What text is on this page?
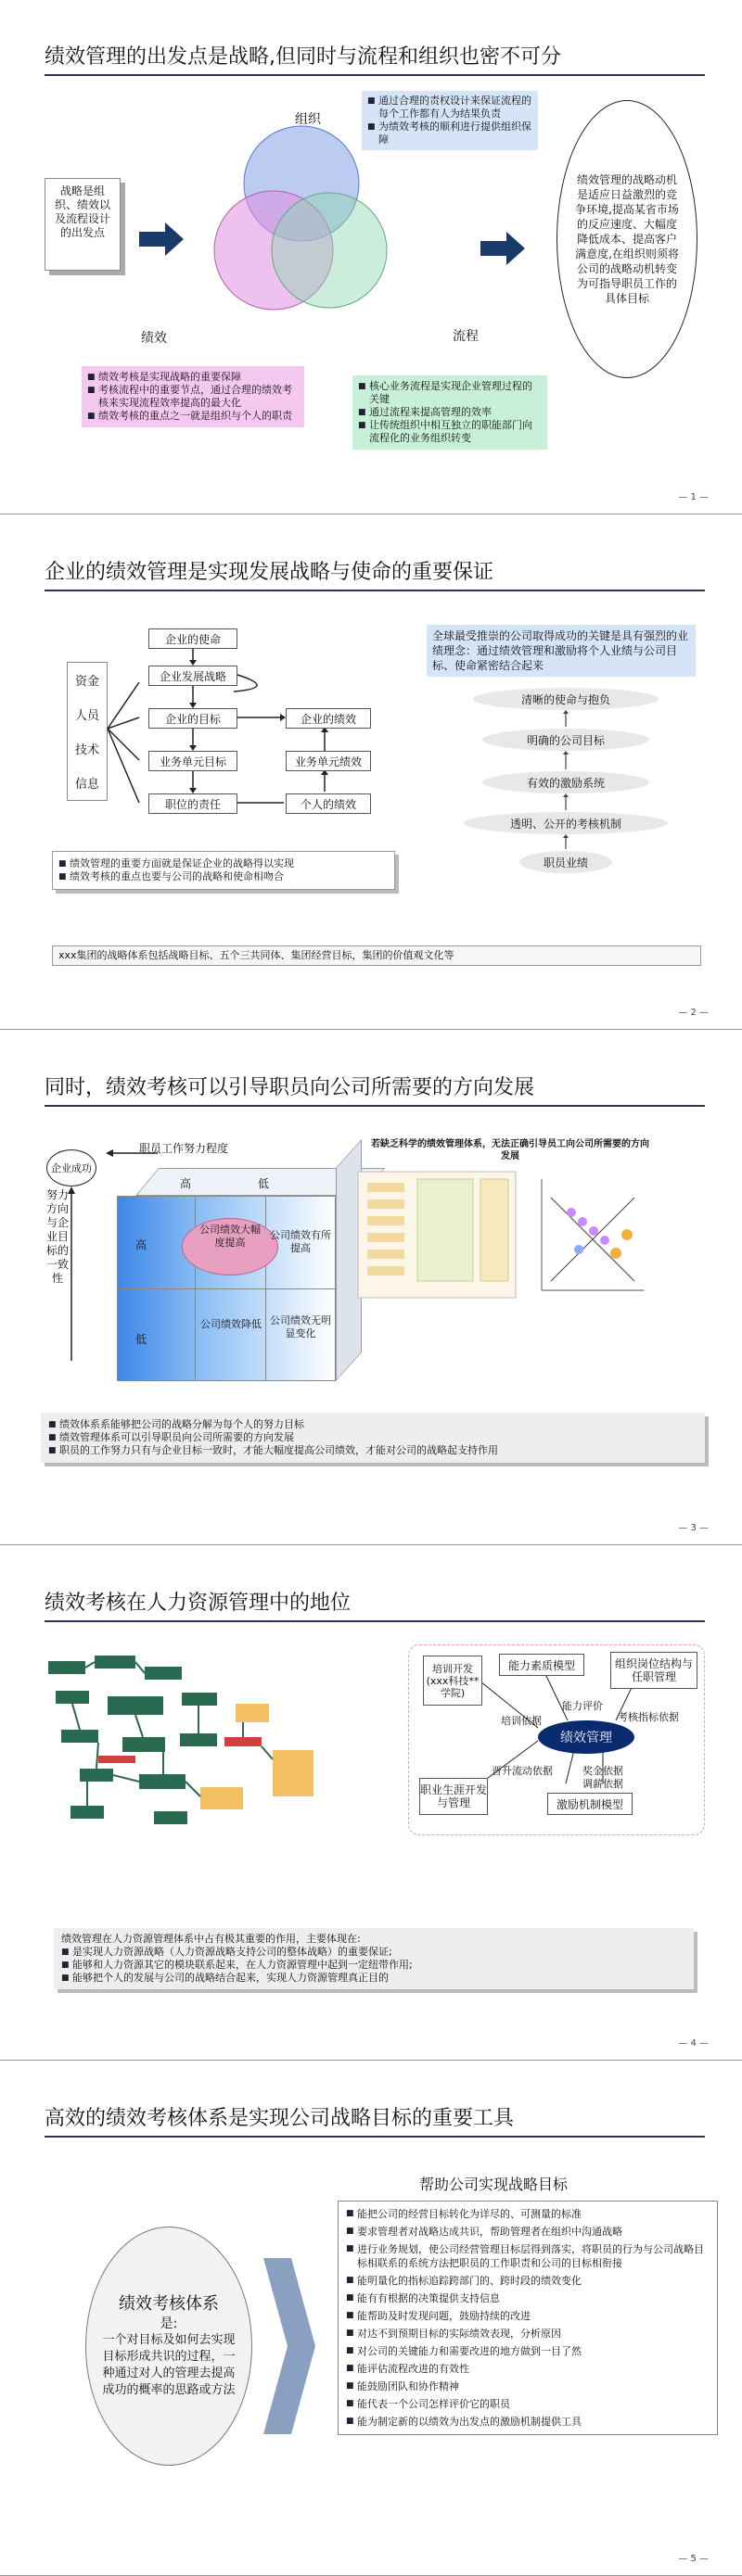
绩效管理的出发点是战略,但同时与流程和组织也密不可分
战略是组织、绩效以及流程设计的出发点
组织
绩效	流程
■ 通过合理的责权设计来保证流程的每个工作都有人为结果负责
■ 为绩效考核的顺利进行提供组织保障
绩效管理的战略动机是适应日益激烈的竞争环境,提高某省市场的反应速度、大幅度降低成本、提高客户满意度,在组织则须将公司的战略动机转变为可指导职员工作的具体目标
■ 绩效考核是实现战略的重要保障
■ 考核流程中的重要节点，通过合理的绩效考核来实现流程效率提高的最大化
■ 绩效考核的重点之一就是组织与个人的职责
■ 核心业务流程是实现企业管理过程的关键
■ 通过流程来提高管理的效率
■ 让传统组织中相互独立的职能部门向流程化的业务组织转变
— 1 —
企业的绩效管理是实现发展战略与使命的重要保证
资金
人员
技术
信息
企业的使命
企业发展战略
企业的目标
业务单元目标
职位的责任
企业的绩效
业务单元绩效
个人的绩效
全球最受推崇的公司取得成功的关键是具有强烈的业绩理念：通过绩效管理和激励将个人业绩与公司目标、使命紧密结合起来
清晰的使命与抱负
明确的公司目标
有效的激励系统
透明、公开的考核机制
职员业绩
■ 绩效管理的重要方面就是保证企业的战略得以实现
■ 绩效考核的重点也要与公司的战略和使命相吻合
xxx集团的战略体系包括战略目标、五个三共同体、集团经营目标，集团的价值观文化等
— 2 —
同时，绩效考核可以引导职员向公司所需要的方向发展
企业成功
职员工作努力程度
努力方向与企业目标的一致性
高	低
高
低
公司绩效大幅度提高
公司绩效有所提高
公司绩效降低 公司绩效无明显变化
若缺乏科学的绩效管理体系，无法正确引导员工向公司所需要的方向发展
■ 绩效体系系能够把公司的战略分解为每个人的努力目标
■ 绩效管理体系可以引导职员向公司所需要的方向发展
■ 职员的工作努力只有与企业目标一致时，才能大幅度提高公司绩效，才能对公司的战略起支持作用
— 3 —
绩效考核在人力资源管理中的地位
能力素质模型	组织岗位结构与任职管理
培训开发(xxx科技**学院)
职业生涯开发与管理	激励机制模型
绩效管理
能力评价
考核指标依据
培训依据
晋升流动依据	奖金依据
调薪依据
绩效管理在人力资源管理体系中占有极其重要的作用，主要体现在:
■ 是实现人力资源战略（人力资源战略支持公司的整体战略）的重要保证;
■ 能够和人力资源其它的模块联系起来，在人力资源管理中起到一定纽带作用;
■ 能够把个人的发展与公司的战略结合起来，实现人力资源管理真正目的
— 4 —
高效的绩效考核体系是实现公司战略目标的重要工具
帮助公司实现战略目标
绩效考核体系
是:
一个对目标及如何去实现目标形成共识的过程，一种通过对人的管理去提高成功的概率的思路或方法
■ 能把公司的经营目标转化为详尽的、可测量的标准
■ 要求管理者对战略达成共识，帮助管理者在组织中沟通战略
■ 进行业务规划，使公司经营管理目标层得到落实，将职员的行为与公司战略目标相联系的系统方法把职员的工作职责和公司的目标相衔接
■ 能明量化的指标追踪跨部门的、跨时段的绩效变化
■ 能有有根据的决策提供支持信息
■ 能帮助及时发现问题，鼓励持续的改进
■ 对达不到预期目标的实际绩效表现，分析原因
■ 对公司的关键能力和需要改进的地方做到一目了然
■ 能评估流程改进的有效性
■ 能鼓励团队和协作精神
■ 能代表一个公司怎样评价它的职员
■ 能为制定新的以绩效为出发点的激励机制提供工具
— 5 —
